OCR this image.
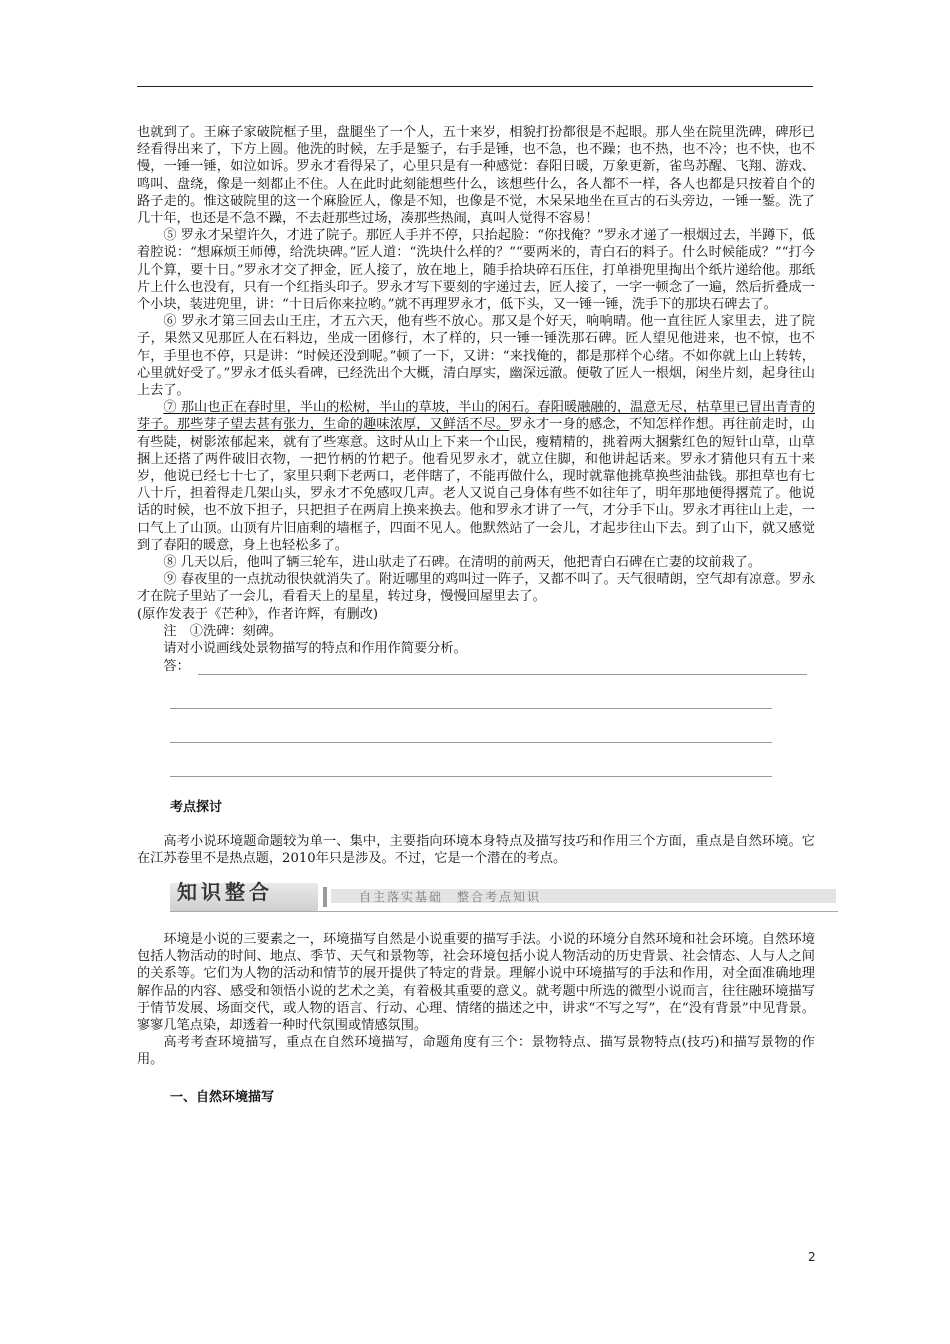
也就到了。王麻子家破院框子里，盘腿坐了一个人，五十来岁，相貌打扮都很是不起眼。那人坐在院里洗碑，碑形已经看得出来了，下方上圆。他洗的时候，左手是錾子，右手是锤，也不急，也不躁；也不热，也不冷；也不快，也不慢，一锤一锤，如泣如诉。罗永才看得呆了，心里只是有一种感觉：春阳日暖，万象更新，雀鸟苏醒、飞翔、游戏、鸣叫、盘绕，像是一刻都止不住。人在此时此刻能想些什么，该想些什么，各人都不一样，各人也都是只按着自个的路子走的。惟这破院里的这一个麻脸匠人，像是不知，也像是不觉，木呆呆地坐在亘古的石头旁边，一锤一錾。洗了几十年，也还是不急不躁，不去赶那些过场，凑那些热闹，真叫人觉得不容易！

⑤ 罗永才呆望许久，才进了院子。那匠人手并不停，只抬起脸：“你找俺？”罗永才递了一根烟过去，半蹲下，低着腔说：“想麻烦王师傅，给洗块碑。”匠人道：“洗块什么样的？”“要两米的，青白石的料子。什么时候能成？”“打今儿个算，要十日。”罗永才交了押金，匠人接了，放在地上，随手拾块碎石压住，打单褂兜里掏出个纸片递给他。那纸片上什么也没有，只有一个红指头印子。罗永才写下要刻的字递过去，匠人接了，一字一顿念了一遍，然后折叠成一个小块，装进兜里，讲：“十日后你来拉哟。”就不再理罗永才，低下头，又一锤一锤，洗手下的那块石碑去了。

⑥ 罗永才第三回去山王庄，才五六天，他有些不放心。那又是个好天，响响晴。他一直往匠人家里去，进了院子，果然又见那匠人在石料边，坐成一团修行，木了样的，只一锤一锤洗那石碑。匠人望见他进来，也不惊，也不乍，手里也不停，只是讲：“时候还没到呢。”顿了一下，又讲：“来找俺的，都是那样个心绪。不如你就上山上转转，心里就好受了。”罗永才低头看碑，已经洗出个大概，清白厚实，幽深远澈。便敬了匠人一根烟，闲坐片刻，起身往山上去了。

⑦ 那山也正在春时里，半山的松树，半山的草坡，半山的闲石。春阳暖融融的，温意无尽，枯草里已冒出青青的芽子。那些芽子望去甚有张力，生命的趣味浓厚，又鲜活不尽。罗永才一身的感念，不知怎样作想。再往前走时，山有些陡，树影浓郁起来，就有了些寒意。这时从山上下来一个山民，瘦精精的，挑着两大捆紫红色的短针山草，山草捆上还搭了两件破旧衣物，一把竹柄的竹耙子。他看见罗永才，就立住脚，和他讲起话来。罗永才猜他只有五十来岁，他说已经七十七了，家里只剩下老两口，老伴瞎了，不能再做什么，现时就靠他挑草换些油盐钱。那担草也有七八十斤，担着得走几架山头，罗永才不免感叹几声。老人又说自己身体有些不如往年了，明年那地便得撂荒了。他说话的时候，也不放下担子，只把担子在两肩上换来换去。他和罗永才讲了一气，才分手下山。罗永才再往山上走，一口气上了山顶。山顶有片旧庙剩的墙框子，四面不见人。他默然站了一会儿，才起步往山下去。到了山下，就又感觉到了春阳的暖意，身上也轻松多了。

⑧ 几天以后，他叫了辆三轮车，进山驮走了石碑。在清明的前两天，他把青白石碑在亡妻的坟前栽了。

⑨ 春夜里的一点扰动很快就消失了。附近哪里的鸡叫过一阵子，又都不叫了。天气很晴朗，空气却有凉意。罗永才在院子里站了一会儿，看看天上的星星，转过身，慢慢回屋里去了。

(原作发表于《芒种》，作者许辉，有删改)

注　①洗碑：刻碑。

请对小说画线处景物描写的特点和作用作简要分析。

答：

考点探讨

高考小说环境题命题较为单一、集中，主要指向环境本身特点及描写技巧和作用三个方面，重点是自然环境。它在江苏卷里不是热点题，2010年只是涉及。不过，它是一个潜在的考点。

知识整合	自主落实基础　整合考点知识

环境是小说的三要素之一，环境描写自然是小说重要的描写手法。小说的环境分自然环境和社会环境。自然环境包括人物活动的时间、地点、季节、天气和景物等，社会环境包括小说人物活动的历史背景、社会情态、人与人之间的关系等。它们为人物的活动和情节的展开提供了特定的背景。理解小说中环境描写的手法和作用，对全面准确地理解作品的内容、感受和领悟小说的艺术之美，有着极其重要的意义。就考题中所选的微型小说而言，往往融环境描写于情节发展、场面交代，或人物的语言、行动、心理、情绪的描述之中，讲求“不写之写”，在“没有背景”中见背景。寥寥几笔点染，却透着一种时代氛围或情感氛围。

高考考查环境描写，重点在自然环境描写，命题角度有三个：景物特点、描写景物特点(技巧)和描写景物的作用。

一、自然环境描写

2
